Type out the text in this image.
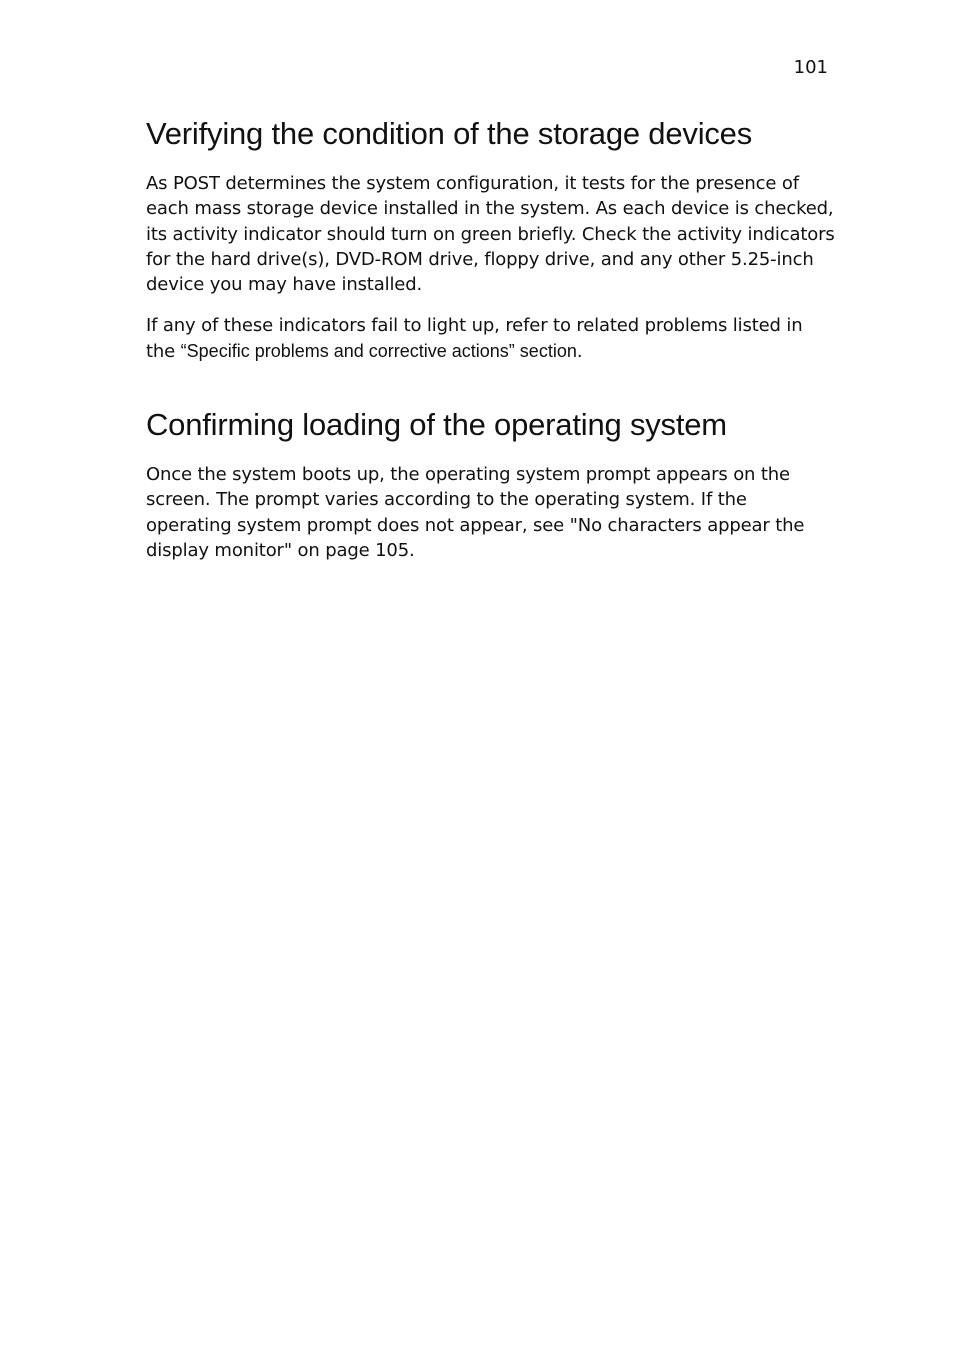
101
Verifying the condition of the storage devices

As POST determines the system configuration, it tests for the presence of each mass storage device installed in the system. As each device is checked, its activity indicator should turn on green briefly. Check the activity indicators for the hard drive(s), DVD-ROM drive, floppy drive, and any other 5.25-inch device you may have installed.

If any of these indicators fail to light up, refer to related problems listed in the “Specific problems and corrective actions” section.

Confirming loading of the operating system

Once the system boots up, the operating system prompt appears on the screen. The prompt varies according to the operating system. If the operating system prompt does not appear, see "No characters appear the display monitor" on page 105.
